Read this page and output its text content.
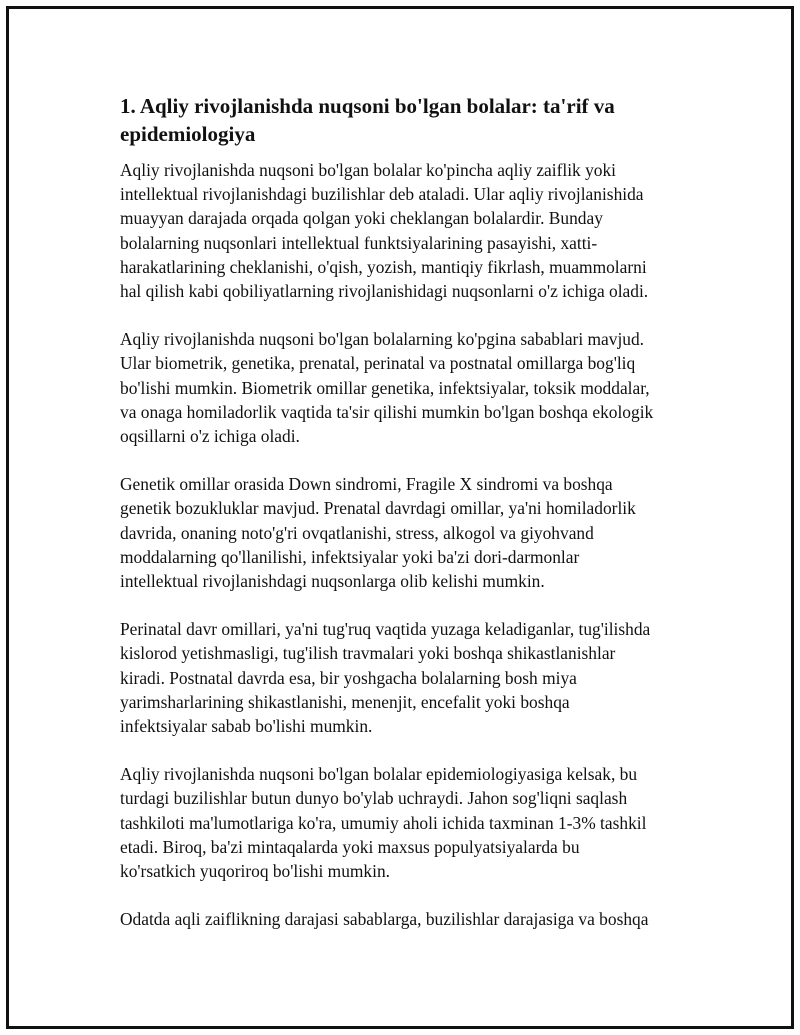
1. Aqliy rivojlanishda nuqsoni bo'lgan bolalar: ta'rif va
epidemiologiya

Aqliy rivojlanishda nuqsoni bo'lgan bolalar ko'pincha aqliy zaiflik yoki
intellektual rivojlanishdagi buzilishlar deb ataladi. Ular aqliy rivojlanishida
muayyan darajada orqada qolgan yoki cheklangan bolalardir. Bunday
bolalarning nuqsonlari intellektual funktsiyalarining pasayishi, xatti-
harakatlarining cheklanishi, o'qish, yozish, mantiqiy fikrlash, muammolarni
hal qilish kabi qobiliyatlarning rivojlanishidagi nuqsonlarni o'z ichiga oladi.

Aqliy rivojlanishda nuqsoni bo'lgan bolalarning ko'pgina sabablari mavjud.
Ular biometrik, genetika, prenatal, perinatal va postnatal omillarga bog'liq
bo'lishi mumkin. Biometrik omillar genetika, infektsiyalar, toksik moddalar,
va onaga homiladorlik vaqtida ta'sir qilishi mumkin bo'lgan boshqa ekologik
oqsillarni o'z ichiga oladi.

Genetik omillar orasida Down sindromi, Fragile X sindromi va boshqa
genetik bozukluklar mavjud. Prenatal davrdagi omillar, ya'ni homiladorlik
davrida, onaning noto'g'ri ovqatlanishi, stress, alkogol va giyohvand
moddalarning qo'llanilishi, infektsiyalar yoki ba'zi dori-darmonlar
intellektual rivojlanishdagi nuqsonlarga olib kelishi mumkin.

Perinatal davr omillari, ya'ni tug'ruq vaqtida yuzaga keladiganlar, tug'ilishda
kislorod yetishmasligi, tug'ilish travmalari yoki boshqa shikastlanishlar
kiradi. Postnatal davrda esa, bir yoshgacha bolalarning bosh miya
yarimsharlarining shikastlanishi, menenjit, encefalit yoki boshqa
infektsiyalar sabab bo'lishi mumkin.

Aqliy rivojlanishda nuqsoni bo'lgan bolalar epidemiologiyasiga kelsak, bu
turdagi buzilishlar butun dunyo bo'ylab uchraydi. Jahon sog'liqni saqlash
tashkiloti ma'lumotlariga ko'ra, umumiy aholi ichida taxminan 1-3% tashkil
etadi. Biroq, ba'zi mintaqalarda yoki maxsus populyatsiyalarda bu
ko'rsatkich yuqoriroq bo'lishi mumkin.

Odatda aqli zaiflikning darajasi sabablarga, buzilishlar darajasiga va boshqa
